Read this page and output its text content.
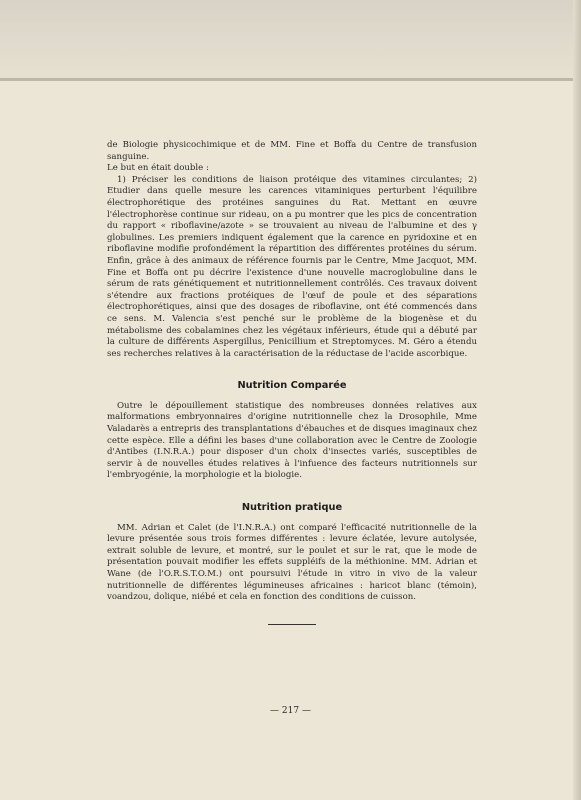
de Biologie physicochimique et de MM. Fine et Boffa du Centre de transfusion sanguine.

Le but en était double :

1) Préciser les conditions de liaison protéique des vitamines circulantes; 2) Etudier dans quelle mesure les carences vitaminiques perturbent l'équilibre électrophorétique des protéines sanguines du Rat. Mettant en œuvre l'électrophorèse continue sur rideau, on a pu montrer que les pics de concentration du rapport « riboflavine/azote » se trouvaient au niveau de l'albumine et des γ globulines. Les premiers indiquent également que la carence en pyridoxine et en riboflavine modifie profondément la répartition des différentes protéines du sérum. Enfin, grâce à des animaux de référence fournis par le Centre, Mme Jacquot, MM. Fine et Boffa ont pu décrire l'existence d'une nouvelle macroglobuline dans le sérum de rats génétiquement et nutritionnellement contrôlés. Ces travaux doivent s'étendre aux fractions protéiques de l'œuf de poule et des séparations électrophorétiques, ainsi que des dosages de riboflavine, ont été commencés dans ce sens. M. Valencia s'est penché sur le problème de la biogenèse et du métabolisme des cobalamines chez les végétaux inférieurs, étude qui a débuté par la culture de différents Aspergillus, Penicillium et Streptomyces. M. Géro a étendu ses recherches relatives à la caractérisation de la réductase de l'acide ascorbique.

Nutrition Comparée

Outre le dépouillement statistique des nombreuses données relatives aux malformations embryonnaires d'origine nutritionnelle chez la Drosophile, Mme Valadarès a entrepris des transplantations d'ébauches et de disques imaginaux chez cette espèce. Elle a défini les bases d'une collaboration avec le Centre de Zoologie d'Antibes (I.N.R.A.) pour disposer d'un choix d'insectes variés, susceptibles de servir à de nouvelles études relatives à l'infuence des facteurs nutritionnels sur l'embryogénie, la morphologie et la biologie.

Nutrition pratique

MM. Adrian et Calet (de l'I.N.R.A.) ont comparé l'efficacité nutritionnelle de la levure présentée sous trois formes différentes : levure éclatée, levure autolysée, extrait soluble de levure, et montré, sur le poulet et sur le rat, que le mode de présentation pouvait modifier les effets suppléifs de la méthionine. MM. Adrian et Wane (de l'O.R.S.T.O.M.) ont poursuivi l'étude in vitro in vivo de la valeur nutritionnelle de différentes légumineuses africaines : haricot blanc (témoin), voandzou, dolique, niébé et cela en fonction des conditions de cuisson.

— 217 —
